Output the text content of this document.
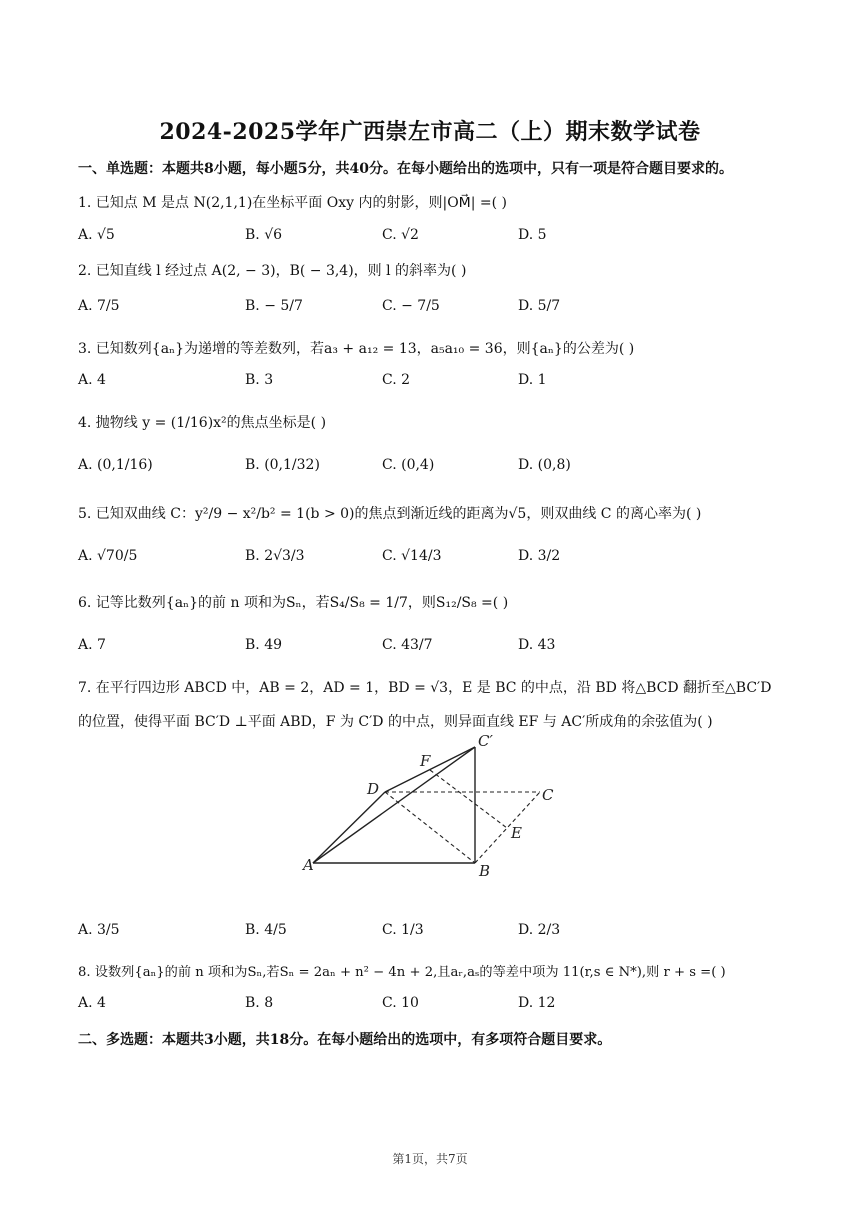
2024-2025学年广西崇左市高二（上）期末数学试卷
一、单选题：本题共8小题，每小题5分，共40分。在每小题给出的选项中，只有一项是符合题目要求的。
1. 已知点 M 是点 N(2,1,1)在坐标平面 Oxy 内的射影，则|OM⃗| =( )
A. √5	B. √6	C. √2	D. 5
2. 已知直线 l 经过点 A(2, − 3)，B( − 3,4)，则 l 的斜率为( )
A. 7/5	B. − 5/7	C. − 7/5	D. 5/7
3. 已知数列{aₙ}为递增的等差数列，若a₃ + a₁₂ = 13，a₅a₁₀ = 36，则{aₙ}的公差为( )
A. 4	B. 3	C. 2	D. 1
4. 抛物线 y = (1/16)x²的焦点坐标是( )
A. (0,1/16)	B. (0,1/32)	C. (0,4)	D. (0,8)
5. 已知双曲线 C：y²/9 − x²/b² = 1(b > 0)的焦点到渐近线的距离为√5，则双曲线 C 的离心率为( )
A. √70/5	B. 2√3/3	C. √14/3	D. 3/2
6. 记等比数列{aₙ}的前 n 项和为Sₙ，若S₄/S₈ = 1/7，则S₁₂/S₈ =( )
A. 7	B. 49	C. 43/7	D. 43
7. 在平行四边形 ABCD 中，AB = 2，AD = 1，BD = √3，E 是 BC 的中点，沿 BD 将△BCD 翻折至△BC′D
的位置，使得平面 BC′D ⊥平面 ABD，F 为 C′D 的中点，则异面直线 EF 与 AC′所成角的余弦值为( )
C′
F
D	C
E
A	B
A. 3/5	B. 4/5	C. 1/3	D. 2/3
8. 设数列{aₙ}的前 n 项和为Sₙ,若Sₙ = 2aₙ + n² − 4n + 2,且aᵣ,aₛ的等差中项为 11(r,s ∈ N*),则 r + s =( )
A. 4	B. 8	C. 10	D. 12
二、多选题：本题共3小题，共18分。在每小题给出的选项中，有多项符合题目要求。
第1页，共7页
